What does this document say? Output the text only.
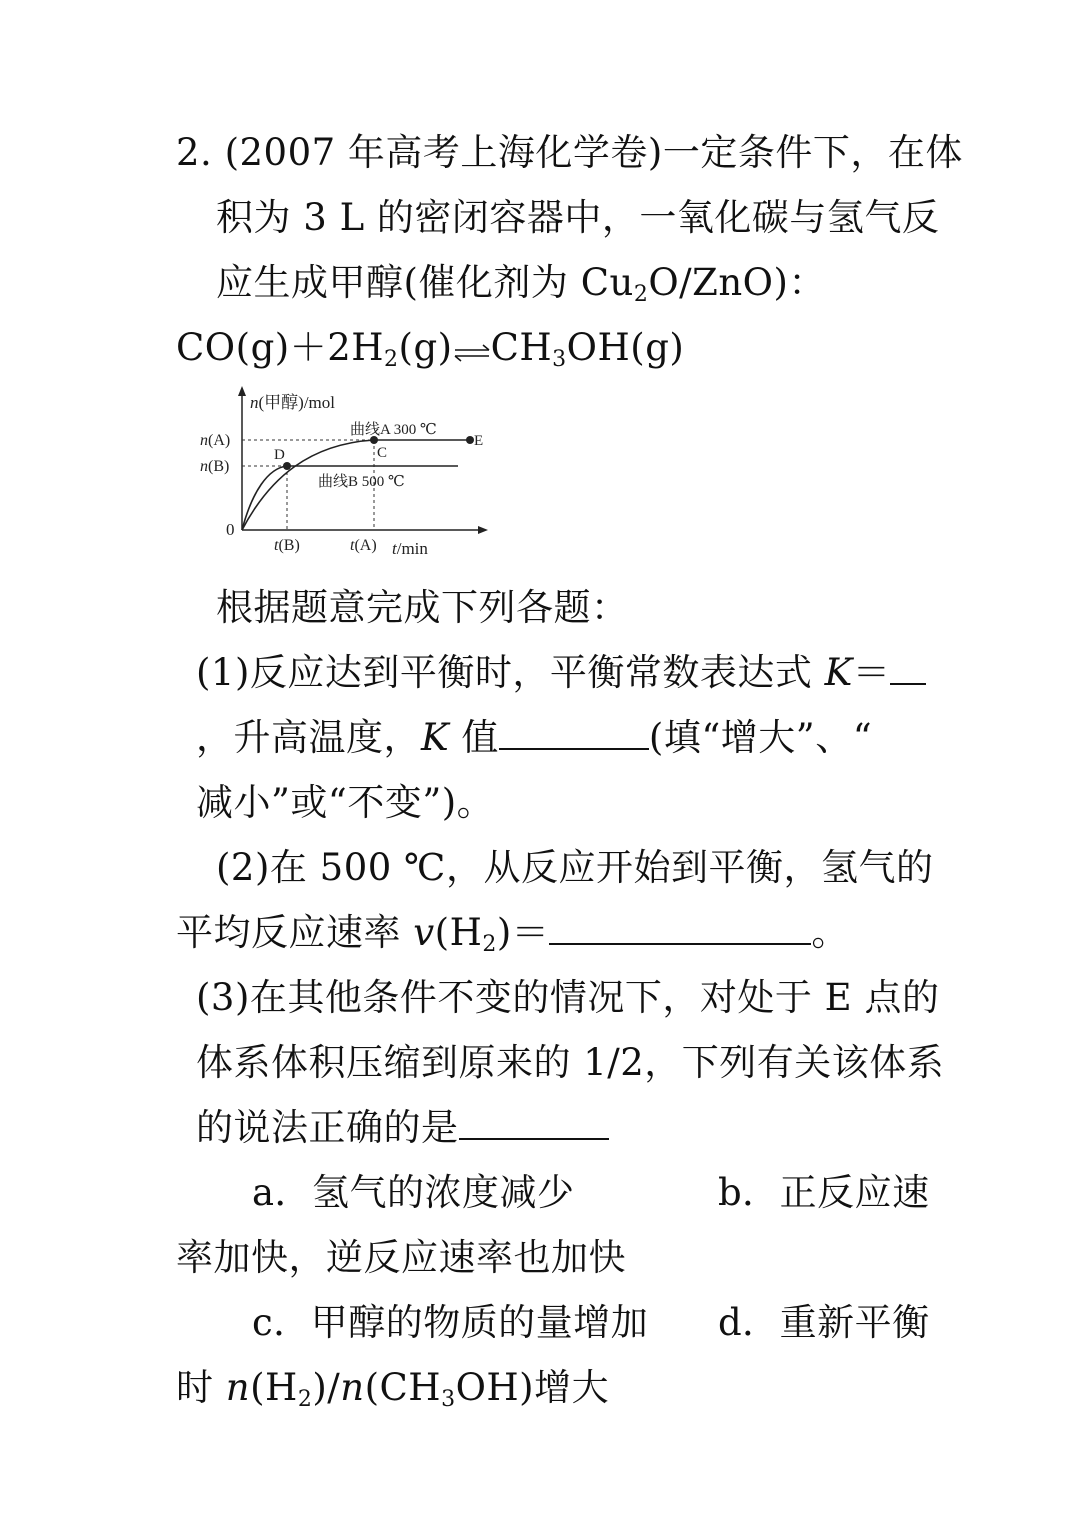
2. (2007 年高考上海化学卷)一定条件下，在体
积为 3 L 的密闭容器中，一氧化碳与氢气反
应生成甲醇(催化剂为 $Cu_2O/ZnO$)：
$CO(g)+2H_2(g)\rightleftharpoons CH_3OH(g)$
n(甲醇)/mol
t/min
0
n(A)
n(B)
t(B)	t(A)
D	C
E
曲线A 300 ℃
曲线B 500 ℃
根据题意完成下列各题：
(1)反应达到平衡时，平衡常数表达式 K＝
，升高温度，K 值	(填“增大”、“
减小”或“不变”)。
(2)在 500 ℃，从反应开始到平衡，氢气的
平均反应速率 $v(H_2)=$	。
(3)在其他条件不变的情况下，对处于 E 点的
体系体积压缩到原来的 1/2，下列有关该体系
的说法正确的是
a．氢气的浓度减少	b．正反应速
率加快，逆反应速率也加快
c．甲醇的物质的量增加 d．重新平衡
时 $n(H_2)/n(CH_3OH)$增大
